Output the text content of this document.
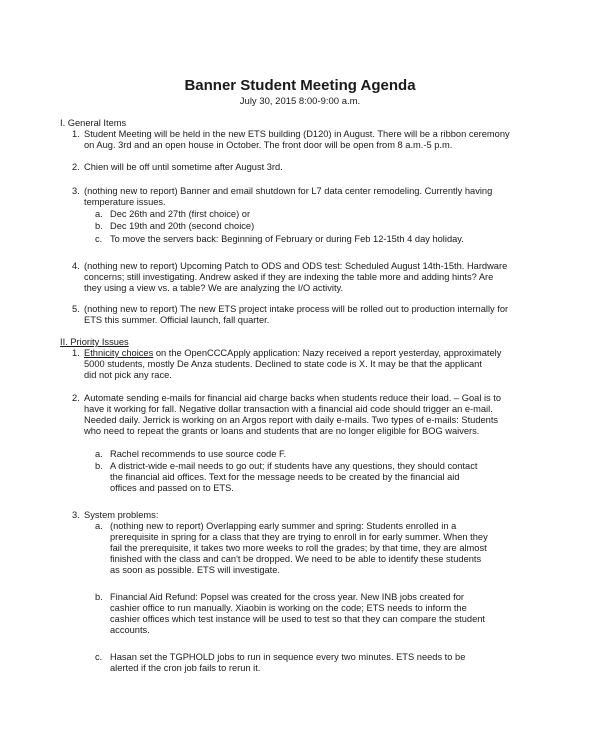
Banner Student Meeting Agenda
July 30, 2015 8:00-9:00 a.m.
I. General Items
1. Student Meeting will be held in the new ETS building (D120) in August. There will be a ribbon ceremony
on Aug. 3rd and an open house in October. The front door will be open from 8 a.m.-5 p.m.
2. Chien will be off until sometime after August 3rd.
3. (nothing new to report) Banner and email shutdown for L7 data center remodeling. Currently having
temperature issues.
a. Dec 26th and 27th (first choice) or
b. Dec 19th and 20th (second choice)
c. To move the servers back: Beginning of February or during Feb 12-15th 4 day holiday.
4. (nothing new to report) Upcoming Patch to ODS and ODS test: Scheduled August 14th-15th. Hardware
concerns; still investigating. Andrew asked if they are indexing the table more and adding hints? Are
they using a view vs. a table? We are analyzing the I/O activity.
5. (nothing new to report) The new ETS project intake process will be rolled out to production internally for
ETS this summer. Official launch, fall quarter.
II. Priority Issues
1. Ethnicity choices on the OpenCCCApply application: Nazy received a report yesterday, approximately
5000 students, mostly De Anza students. Declined to state code is X. It may be that the applicant
did not pick any race.
2. Automate sending e-mails for financial aid charge backs when students reduce their load. – Goal is to
have it working for fall. Negative dollar transaction with a financial aid code should trigger an e-mail.
Needed daily. Jerrick is working on an Argos report with daily e-mails. Two types of e-mails: Students
who need to repeat the grants or loans and students that are no longer eligible for BOG waivers.
a. Rachel recommends to use source code F.
b. A district-wide e-mail needs to go out; if students have any questions, they should contact
the financial aid offices. Text for the message needs to be created by the financial aid
offices and passed on to ETS.
3. System problems:
a. (nothing new to report) Overlapping early summer and spring: Students enrolled in a
prerequisite in spring for a class that they are trying to enroll in for early summer. When they
fail the prerequisite, it takes two more weeks to roll the grades; by that time, they are almost
finished with the class and can't be dropped. We need to be able to identify these students
as soon as possible. ETS will investigate.
b. Financial Aid Refund: Popsel was created for the cross year. New INB jobs created for
cashier office to run manually. Xiaobin is working on the code; ETS needs to inform the
cashier offices which test instance will be used to test so that they can compare the student
accounts.
c. Hasan set the TGPHOLD jobs to run in sequence every two minutes. ETS needs to be
alerted if the cron job fails to rerun it.
